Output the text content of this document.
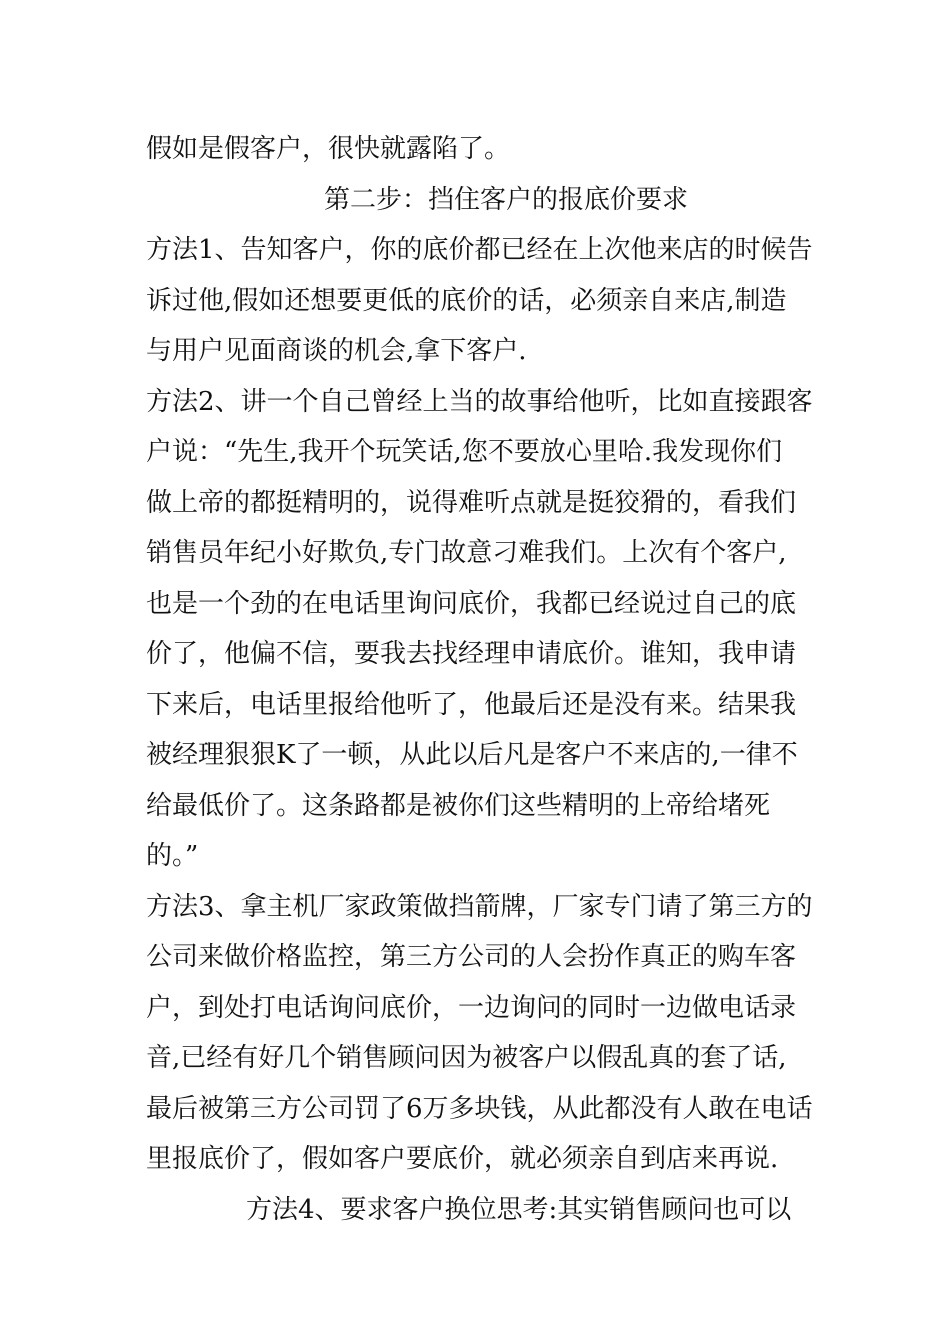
假如是假客户，很快就露陷了。
第二步：挡住客户的报底价要求
方法1、告知客户，你的底价都已经在上次他来店的时候告
诉过他,假如还想要更低的底价的话，必须亲自来店,制造
与用户见面商谈的机会,拿下客户.
方法2、讲一个自己曾经上当的故事给他听，比如直接跟客
户说：“先生,我开个玩笑话,您不要放心里哈.我发现你们
做上帝的都挺精明的，说得难听点就是挺狡猾的，看我们
销售员年纪小好欺负,专门故意刁难我们。上次有个客户,
也是一个劲的在电话里询问底价，我都已经说过自己的底
价了，他偏不信，要我去找经理申请底价。谁知，我申请
下来后，电话里报给他听了，他最后还是没有来。结果我
被经理狠狠K了一顿，从此以后凡是客户不来店的,一律不
给最低价了。这条路都是被你们这些精明的上帝给堵死
的。”
方法3、拿主机厂家政策做挡箭牌，厂家专门请了第三方的
公司来做价格监控，第三方公司的人会扮作真正的购车客
户，到处打电话询问底价，一边询问的同时一边做电话录
音,已经有好几个销售顾问因为被客户以假乱真的套了话,
最后被第三方公司罚了6万多块钱，从此都没有人敢在电话
里报底价了，假如客户要底价，就必须亲自到店来再说.
方法4、要求客户换位思考:其实销售顾问也可以
